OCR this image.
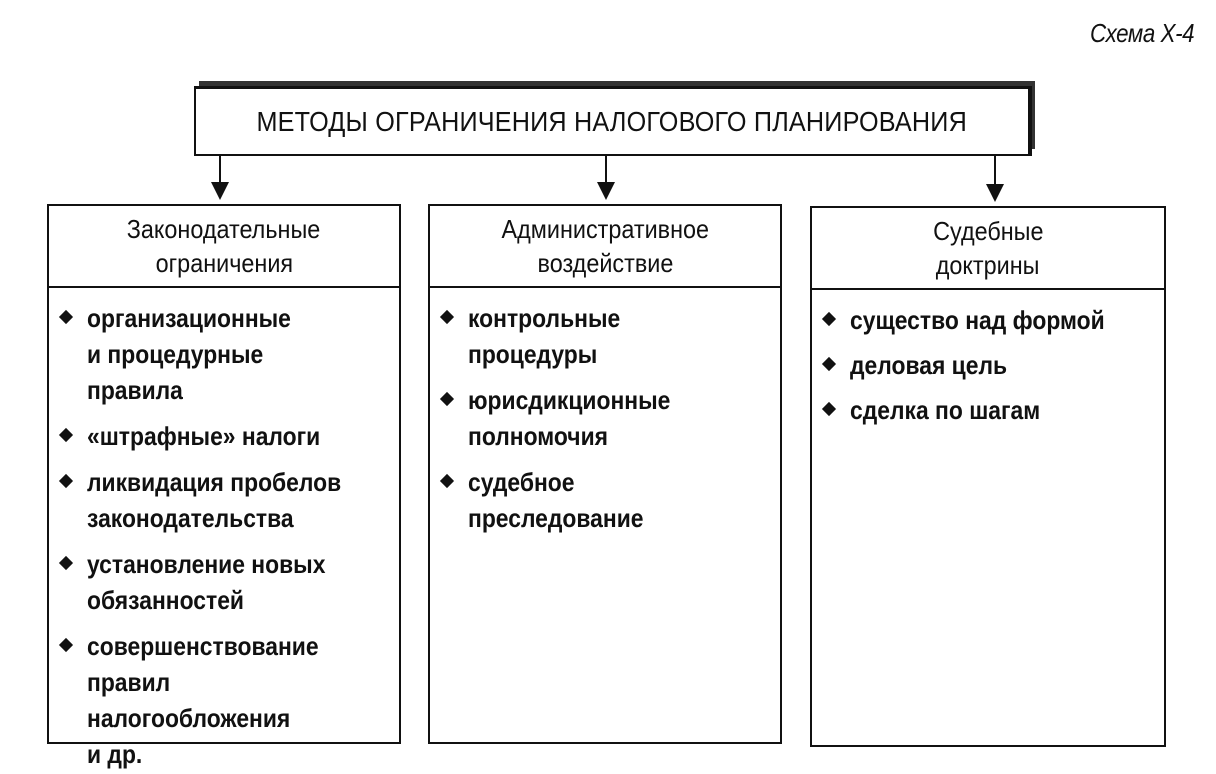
Схема X-4
МЕТОДЫ ОГРАНИЧЕНИЯ НАЛОГОВОГО ПЛАНИРОВАНИЯ
Законодательные
ограничения
организационные
и процедурные правила
«штрафные» налоги
ликвидация пробелов
законодательства
установление новых
обязанностей
совершенствование
правил
налогообложения
и др.
Административное
воздействие
контрольные
процедуры
юрисдикционные
полномочия
судебное
преследование
Судебные
доктрины
существо над формой
деловая цель
сделка по шагам
